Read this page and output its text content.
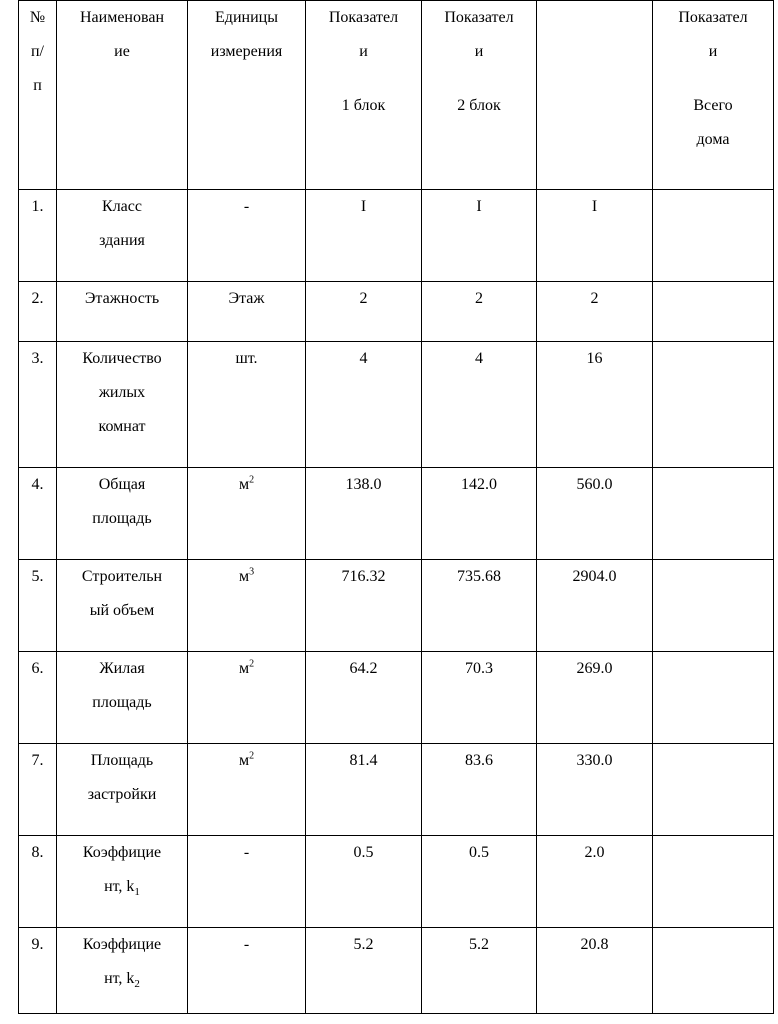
№
п/
п	Наименован
ие	Единицы
измерения	Показател
и
1 блок	Показател
и
2 блок		Показател
и
Всего
дома

1.	Класс
здания	-	I	I	I	
2.	Этажность	Этаж	2	2	2	
3.	Количество
жилых
комнат	шт.	4	4	16	
4.	Общая
площадь	$м^2$	138.0	142.0	560.0	
5.	Строительн
ый объем	$м^3$	716.32	735.68	2904.0	
6.	Жилая
площадь	$м^2$	64.2	70.3	269.0	
7.	Площадь
застройки	$м^2$	81.4	83.6	330.0	
8.	Коэффицие
нт, $k_1$	-	0.5	0.5	2.0	
9.	Коэффицие
нт, $k_2$	-	5.2	5.2	20.8	
